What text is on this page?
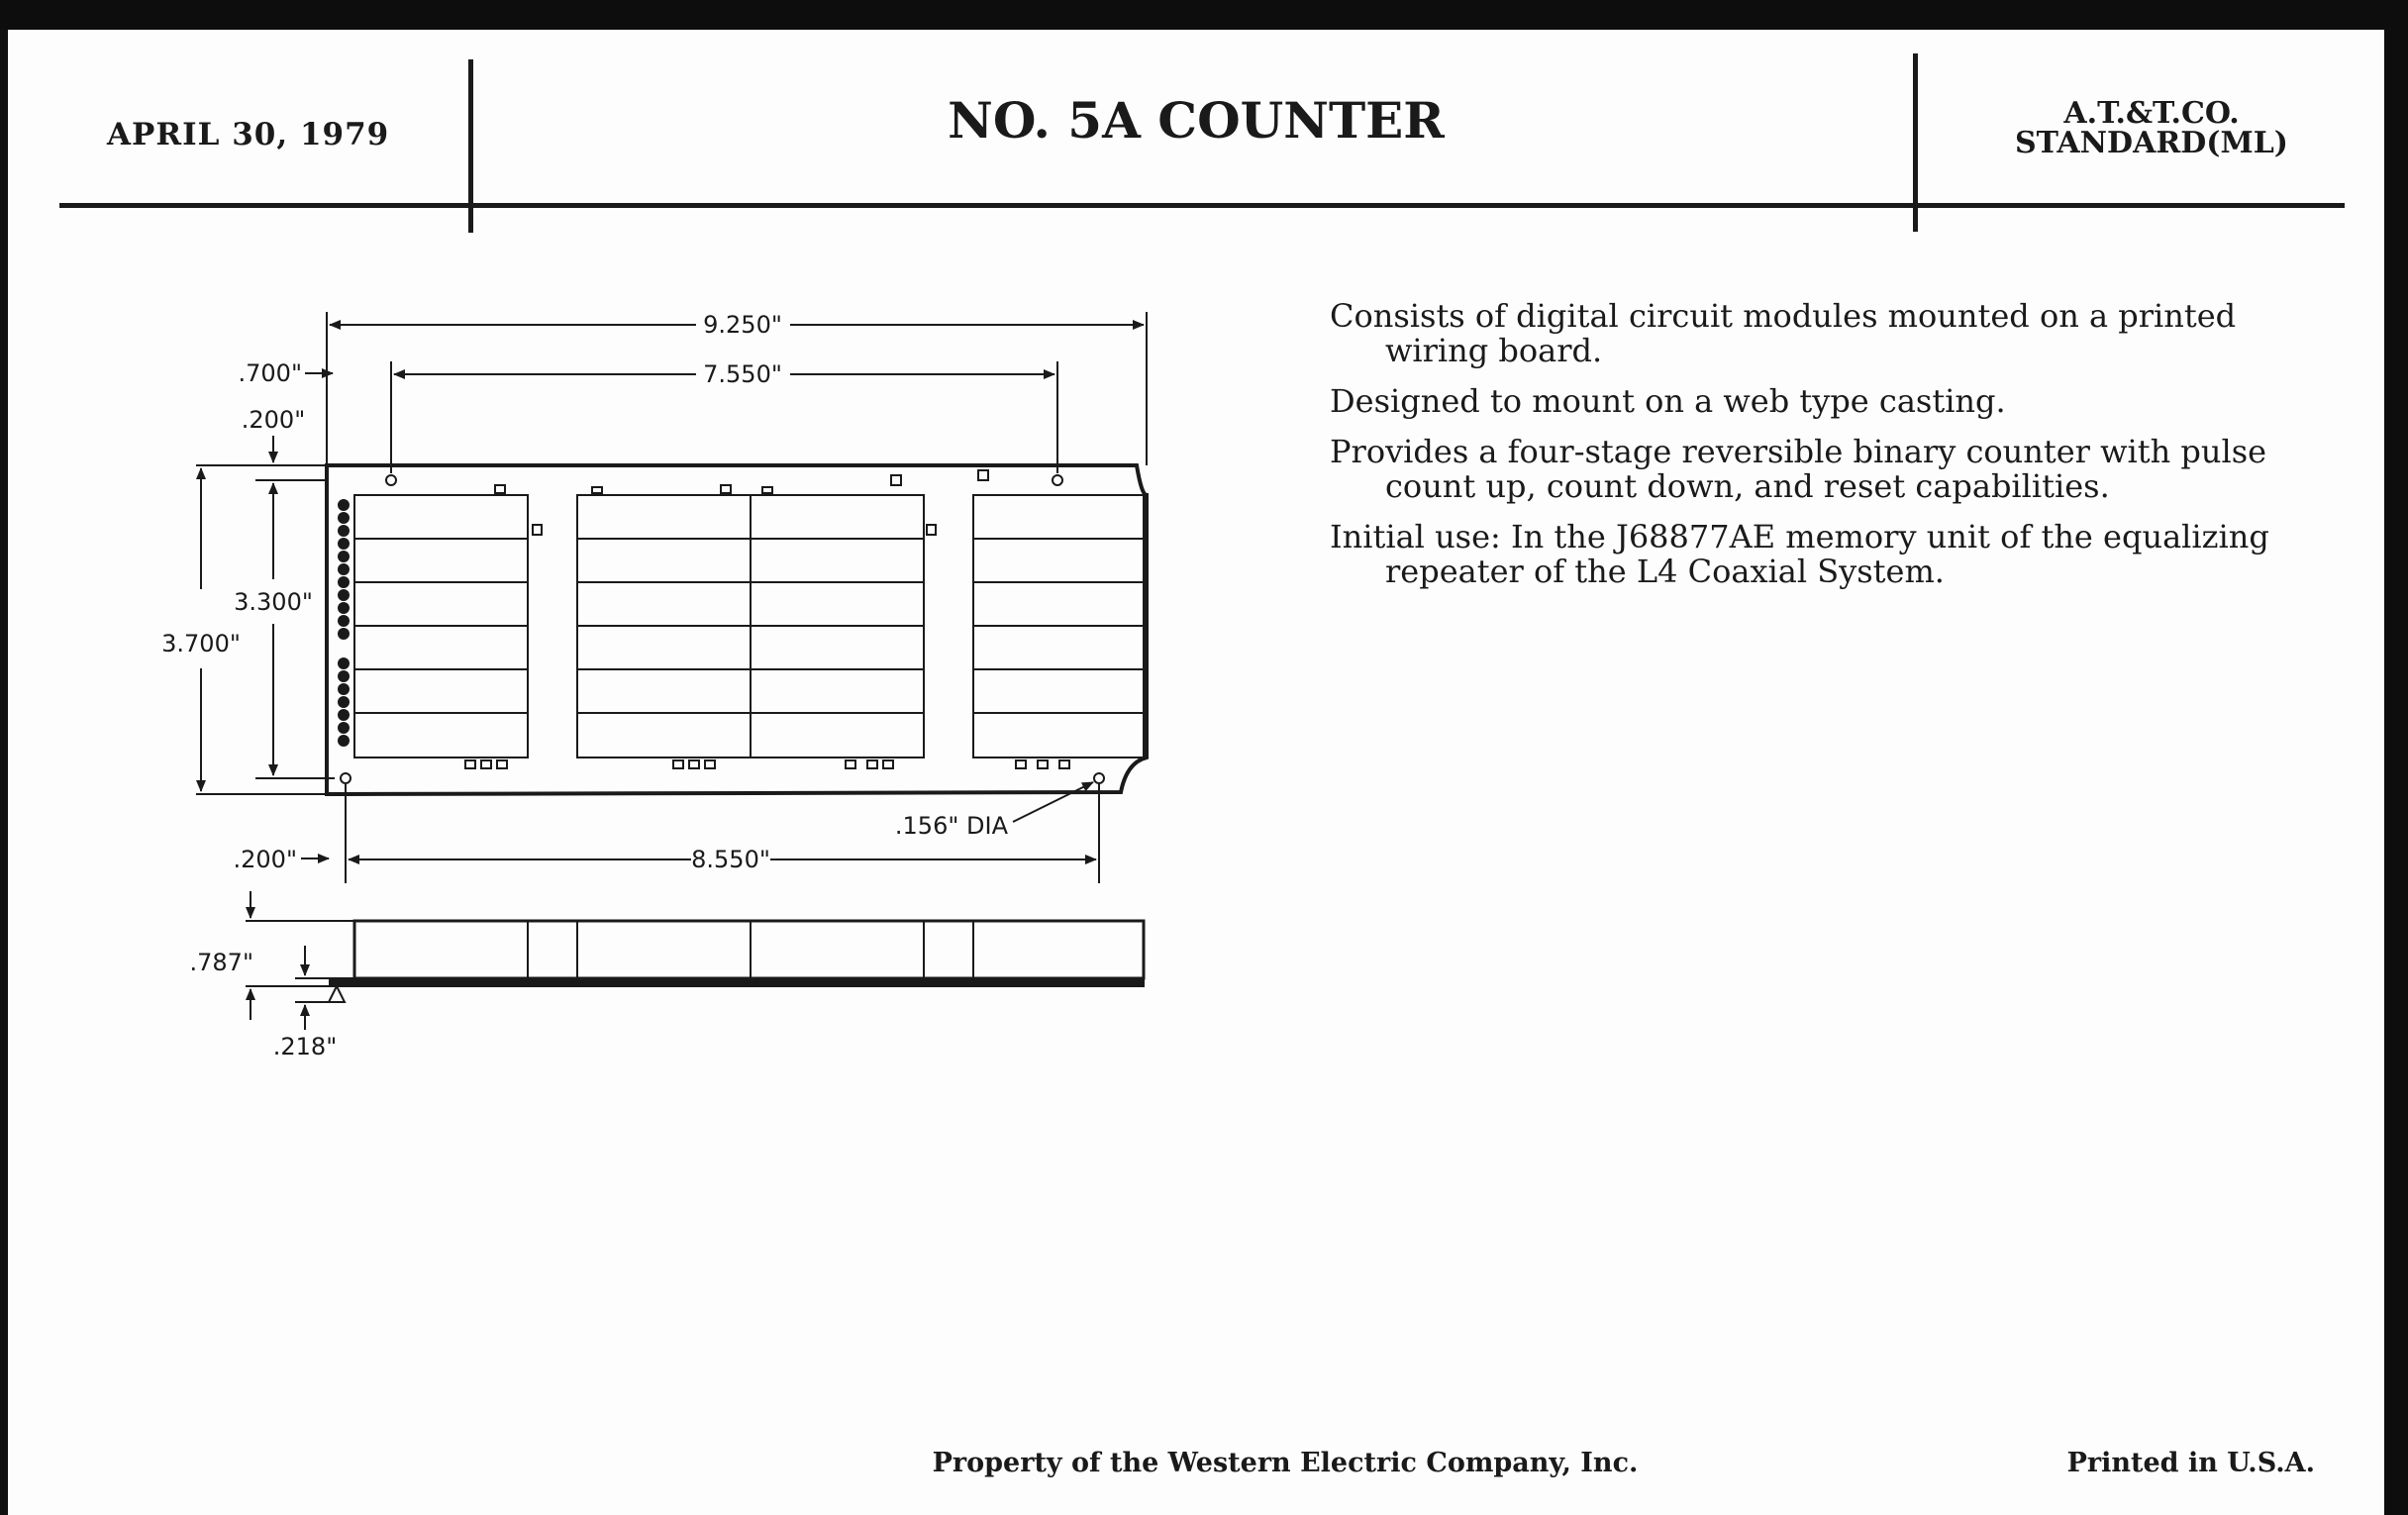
APRIL 30, 1979	NO. 5A COUNTER	A.T.&T.CO.
STANDARD(ML)

Consists of digital circuit modules mounted on a printed wiring board.

Designed to mount on a web type casting.

Provides a four-stage reversible binary counter with pulse count up, count down, and reset capabilities.

Initial use: In the J68877AE memory unit of the equalizing repeater of the L4 Coaxial System.

9.250"
7.550"
.700"
.200"
3.300"
3.700"
8.550"
.200"
.156" DIA
.787"
.218"
Property of the Western Electric Company, Inc.	Printed in U.S.A.
